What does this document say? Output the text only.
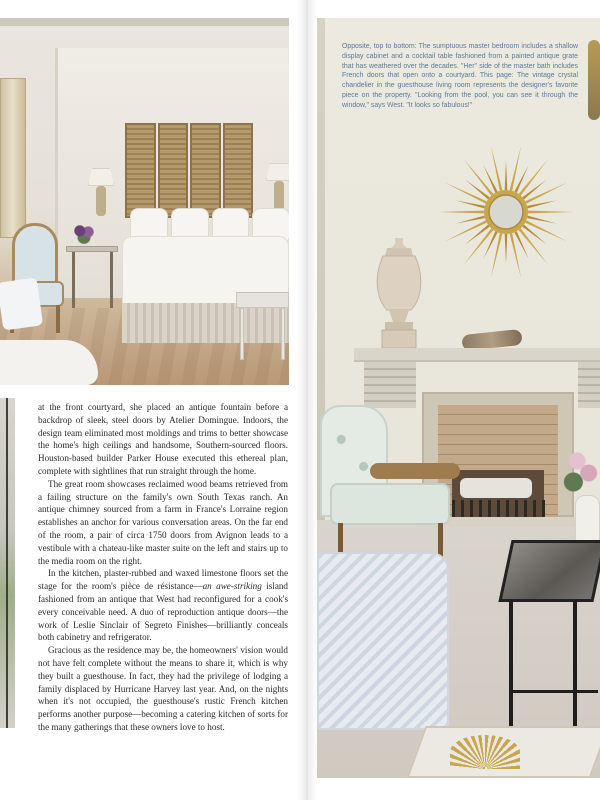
at the front courtyard, she placed an antique fountain before a backdrop of sleek, steel doors by Atelier Domingue. Indoors, the design team eliminated most moldings and trims to better showcase the home's high ceilings and handsome, Southern-sourced floors. Houston-based builder Parker House executed this ethereal plan, complete with sightlines that run straight through the home.

The great room showcases reclaimed wood beams retrieved from a failing structure on the family's own South Texas ranch. An antique chimney sourced from a farm in France's Lorraine region establishes an anchor for various conversation areas. On the far end of the room, a pair of circa 1750 doors from Avignon leads to a vestibule with a chateau-like master suite on the left and stairs up to the media room on the right.

In the kitchen, plaster-rubbed and waxed limestone floors set the stage for the room's pièce de résistance—an awe-striking island fashioned from an antique that West had reconfigured for a cook's every conceivable need. A duo of reproduction antique doors—the work of Leslie Sinclair of Segreto Finishes—brilliantly conceals both cabinetry and refrigerator.

Gracious as the residence may be, the homeowners' vision would not have felt complete without the means to share it, which is why they built a guesthouse. In fact, they had the privilege of lodging a family displaced by Hurricane Harvey last year. And, on the nights when it's not occupied, the guesthouse's rustic French kitchen performs another purpose—becoming a catering kitchen of sorts for the many gatherings that these owners love to host.

Opposite, top to bottom: The sumptuous master bedroom includes a shallow display cabinet and a cocktail table fashioned from a painted antique grate that has weathered over the decades. "Her" side of the master bath includes French doors that open onto a courtyard. This page: The vintage crystal chandelier in the guesthouse living room represents the designer's favorite piece on the property. "Looking from the pool, you can see it through the window," says West. "It looks so fabulous!"
